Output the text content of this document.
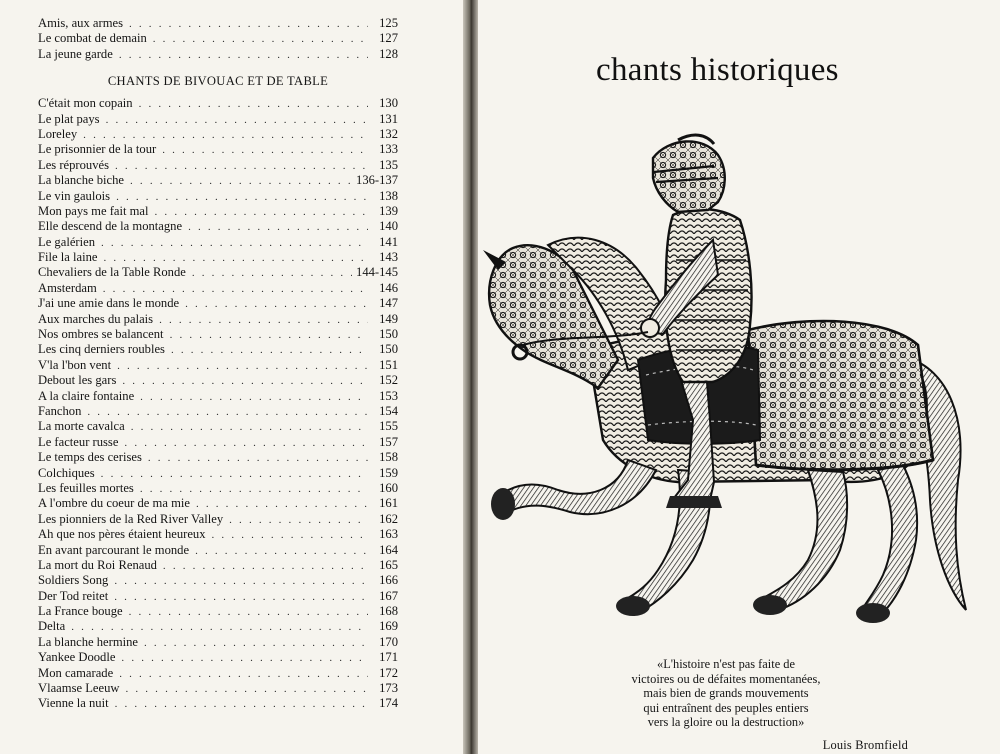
Amis, aux armes . . .	125
Le combat de demain . . .	127
La jeune garde . . .	128
CHANTS DE BIVOUAC ET DE TABLE
C'était mon copain . . .	130
Le plat pays . . .	131
Loreley . . .	132
Le prisonnier de la tour . . .	133
Les réprouvés . . .	135
La blanche biche . . .	136-137
Le vin gaulois . . .	138
Mon pays me fait mal . . .	139
Elle descend de la montagne . . .	140
Le galérien . . .	141
File la laine . . .	143
Chevaliers de la Table Ronde . . .	144-145
Amsterdam . . .	146
J'ai une amie dans le monde . . .	147
Aux marches du palais . . .	149
Nos ombres se balancent . . .	150
Les cinq derniers roubles . . .	150
V'la l'bon vent . . .	151
Debout les gars . . .	152
A la claire fontaine . . .	153
Fanchon . . .	154
La morte cavalca . . .	155
Le facteur russe . . .	157
Le temps des cerises . . .	158
Colchiques . . .	159
Les feuilles mortes . . .	160
A l'ombre du coeur de ma mie . . .	161
Les pionniers de la Red River Valley . . .	162
Ah que nos pères étaient heureux . . .	163
En avant parcourant le monde . . .	164
La mort du Roi Renaud . . .	165
Soldiers Song . . .	166
Der Tod reitet . . .	167
La France bouge . . .	168
Delta . . .	169
La blanche hermine . . .	170
Yankee Doodle . . .	171
Mon camarade . . .	172
Vlaamse Leeuw . . .	173
Vienne la nuit . . .	174
chants historiques
«L'histoire n'est pas faite de
victoires ou de défaites momentanées,
mais bien de grands mouvements
qui entraînent des peuples entiers
vers la gloire ou la destruction»
Louis Bromfield
